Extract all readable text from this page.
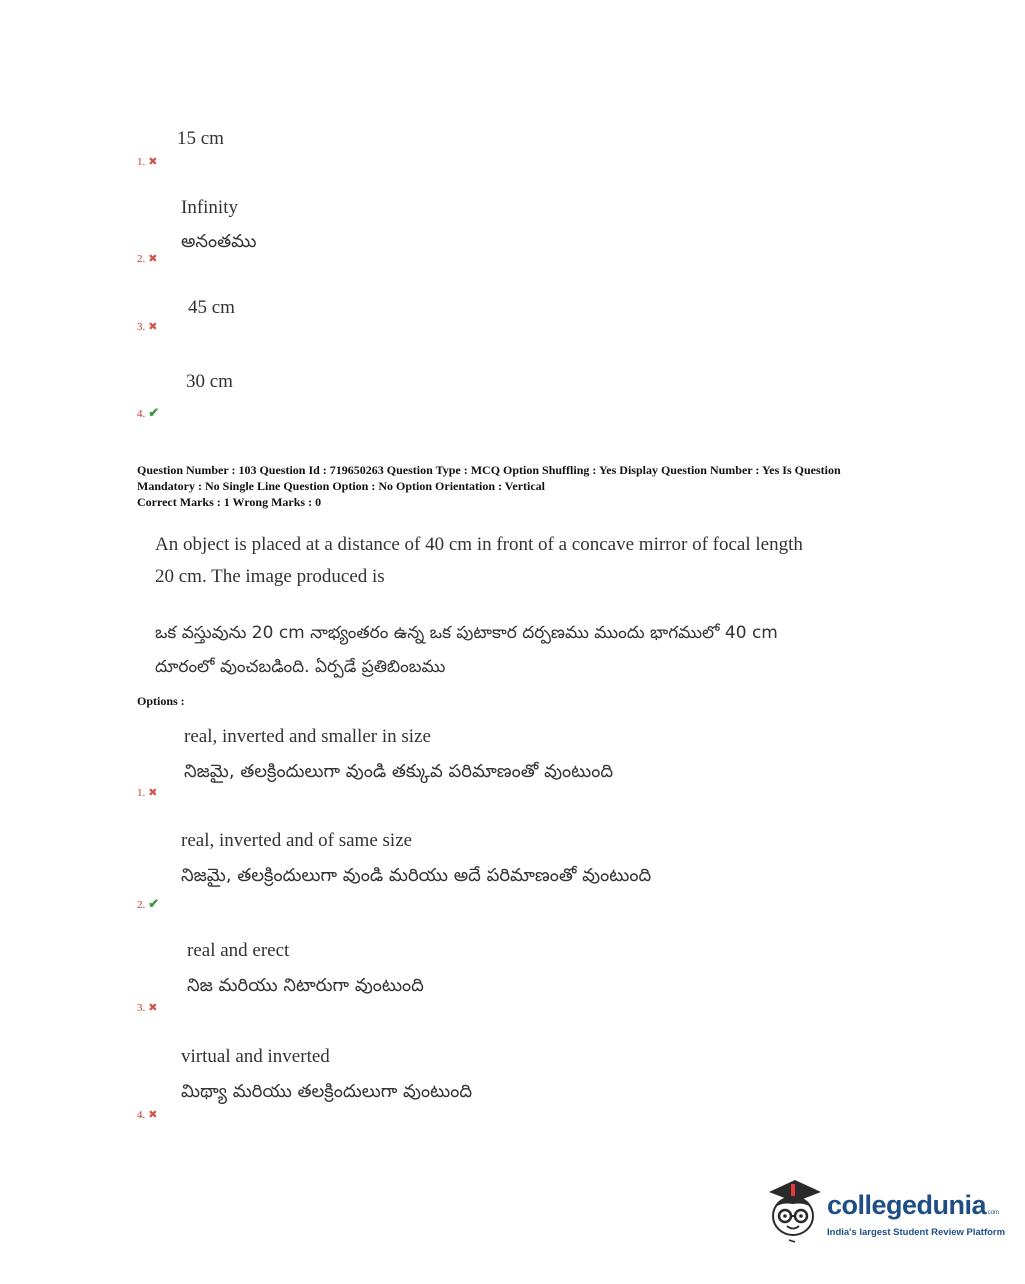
15 cm
1. ✖
Infinity
అనంతము
2. ✖
45 cm
3. ✖
30 cm
4. ✔
Question Number : 103 Question Id : 719650263 Question Type : MCQ Option Shuffling : Yes Display Question Number : Yes Is Question
Mandatory : No Single Line Question Option : No Option Orientation : Vertical
Correct Marks : 1 Wrong Marks : 0
An object is placed at a distance of 40 cm in front of a concave mirror of focal length
20 cm. The image produced is
ఒక వస్తువును 20 cm నాభ్యంతరం ఉన్న ఒక పుటాకార దర్పణము ముందు భాగములో 40 cm
దూరంలో వుంచబడింది. ఏర్పడే ప్రతిబింబము
Options :
real, inverted and smaller in size
నిజమై, తలక్రిందులుగా వుండి తక్కువ పరిమాణంతో వుంటుంది
1. ✖
real, inverted and of same size
నిజమై, తలక్రిందులుగా వుండి మరియు అదే పరిమాణంతో వుంటుంది
2. ✔
real and erect
నిజ మరియు నిటారుగా వుంటుంది
3. ✖
virtual and inverted
మిథ్యా మరియు తలక్రిందులుగా వుంటుంది
4. ✖
collegedunia.com
India's largest Student Review Platform
